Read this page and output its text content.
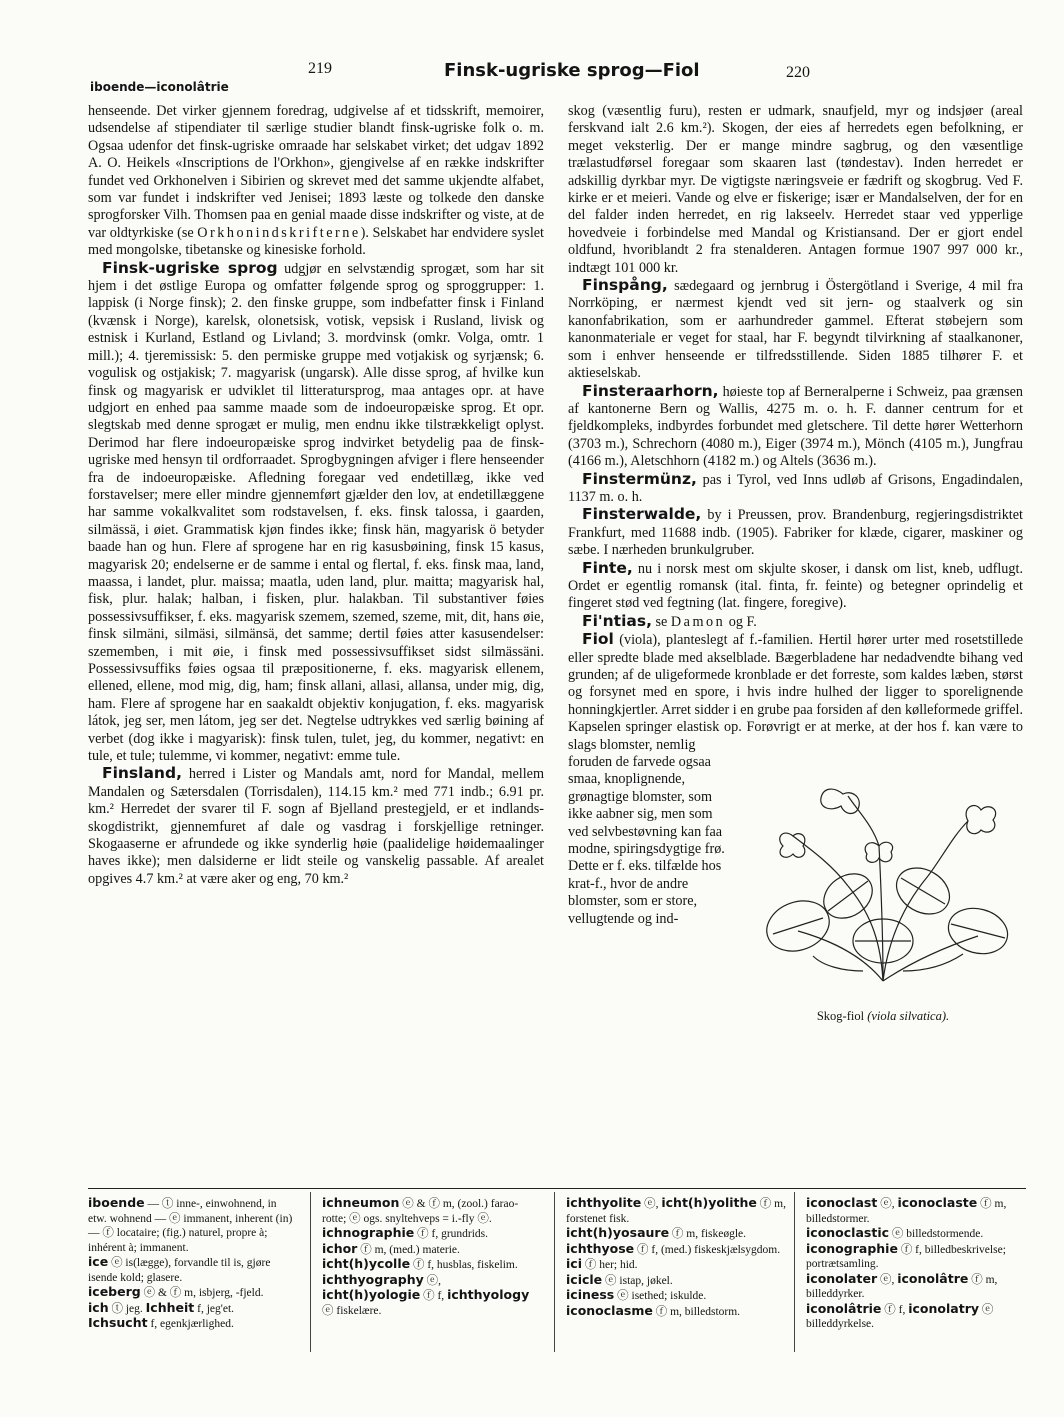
iboende—iconolâtrie
219	Finsk-ugriske sprog—Fiol	220

henseende. Det virker gjennem foredrag, udgivelse af et tidsskrift, memoirer, udsendelse af stipendiater til særlige studier blandt finsk-ugriske folk o. m. Ogsaa udenfor det finsk-ugriske omraade har selskabet virket; det udgav 1892 A. O. Heikels «Inscriptions de l'Orkhon», gjengivelse af en række indskrifter fundet ved Orkhonelven i Sibirien og skrevet med det samme ukjendte alfabet, som var fundet i indskrifter ved Jenisei; 1893 læste og tolkede den danske sprogforsker Vilh. Thomsen paa en genial maade disse indskrifter og viste, at de var oldtyrkiske (se Orkhonindskrifterne). Selskabet har endvidere syslet med mongolske, tibetanske og kinesiske forhold.

Finsk-ugriske sprog udgjør en selvstændig sprogæt, som har sit hjem i det østlige Europa og omfatter følgende sprog og sproggrupper: 1. lappisk (i Norge finsk); 2. den finske gruppe, som indbefatter finsk i Finland (kvænsk i Norge), karelsk, olonetsisk, votisk, vepsisk i Rusland, livisk og estnisk i Kurland, Estland og Livland; 3. mordvinsk (omkr. Volga, omtr. 1 mill.); 4. tjeremissisk: 5. den permiske gruppe med votjakisk og syrjænsk; 6. vogulisk og ostjakisk; 7. magyarisk (ungarsk). Alle disse sprog, af hvilke kun finsk og magyarisk er udviklet til litteratursprog, maa antages opr. at have udgjort en enhed paa samme maade som de indoeuropæiske sprog. Et opr. slegtskab med denne sprogæt er mulig, men endnu ikke tilstrækkeligt oplyst. Derimod har flere indoeuropæiske sprog indvirket betydelig paa de finsk-ugriske med hensyn til ordforraadet. Sprogbygningen afviger i flere henseender fra de indoeuropæiske. Afledning foregaar ved endetillæg, ikke ved forstavelser; mere eller mindre gjennemført gjælder den lov, at endetillæggene har samme vokalkvalitet som rodstavelsen, f. eks. finsk talossa, i gaarden, silmässä, i øiet. Grammatisk kjøn findes ikke; finsk hän, magyarisk ö betyder baade han og hun. Flere af sprogene har en rig kasusbøining, finsk 15 kasus, magyarisk 20; endelserne er de samme i ental og flertal, f. eks. finsk maa, land, maassa, i landet, plur. maissa; maatla, uden land, plur. maitta; magyarisk hal, fisk, plur. halak; halban, i fisken, plur. halakban. Til substantiver føies possessivsuffikser, f. eks. magyarisk szemem, szemed, szeme, mit, dit, hans øie, finsk silmäni, silmäsi, silmänsä, det samme; dertil føies atter kasusendelser: szememben, i mit øie, i finsk med possessivsuffikset sidst silmässäni. Possessivsuffiks føies ogsaa til præpositionerne, f. eks. magyarisk ellenem, ellened, ellene, mod mig, dig, ham; finsk allani, allasi, allansa, under mig, dig, ham. Flere af sprogene har en saakaldt objektiv konjugation, f. eks. magyarisk látok, jeg ser, men látom, jeg ser det. Negtelse udtrykkes ved særlig bøining af verbet (dog ikke i magyarisk): finsk tulen, tulet, jeg, du kommer, negativt: en tule, et tule; tulemme, vi kommer, negativt: emme tule.

Finsland, herred i Lister og Mandals amt, nord for Mandal, mellem Mandalen og Sætersdalen (Torrisdalen), 114.15 km.² med 771 indb.; 6.91 pr. km.² Herredet der svarer til F. sogn af Bjelland prestegjeld, er et indlands-skogdistrikt, gjennemfuret af dale og vasdrag i forskjellige retninger. Skogaaserne er afrundede og ikke synderlig høie (paalidelige høidemaalinger haves ikke); men dalsiderne er lidt steile og vanskelig passable. Af arealet opgives 4.7 km.² at være aker og eng, 70 km.²

skog (væsentlig furu), resten er udmark, snaufjeld, myr og indsjøer (areal ferskvand ialt 2.6 km.²). Skogen, der eies af herredets egen befolkning, er meget veksterlig. Der er mange mindre sagbrug, og den væsentlige trælastudførsel foregaar som skaaren last (tøndestav). Inden herredet er adskillig dyrkbar myr. De vigtigste næringsveie er fædrift og skogbrug. Ved F. kirke er et meieri. Vande og elve er fiskerige; især er Mandalselven, der for en del falder inden herredet, en rig lakseelv. Herredet staar ved ypperlige hovedveie i forbindelse med Mandal og Kristiansand. Der er gjort endel oldfund, hvoriblandt 2 fra stenalderen. Antagen formue 1907 997 000 kr., indtægt 101 000 kr.

Finspång, sædegaard og jernbrug i Östergötland i Sverige, 4 mil fra Norrköping, er nærmest kjendt ved sit jern- og staalverk og sin kanonfabrikation, som er aarhundreder gammel. Efterat støbejern som kanonmateriale er veget for staal, har F. begyndt tilvirkning af staalkanoner, som i enhver henseende er tilfredsstillende. Siden 1885 tilhører F. et aktieselskab.

Finsteraarhorn, høieste top af Berneralperne i Schweiz, paa grænsen af kantonerne Bern og Wallis, 4275 m. o. h. F. danner centrum for et fjeldkompleks, indbyrdes forbundet med gletschere. Til dette hører Wetterhorn (3703 m.), Schrechorn (4080 m.), Eiger (3974 m.), Mönch (4105 m.), Jungfrau (4166 m.), Aletschhorn (4182 m.) og Altels (3636 m.).

Finstermünz, pas i Tyrol, ved Inns udløb af Grisons, Engadindalen, 1137 m. o. h.

Finsterwalde, by i Preussen, prov. Brandenburg, regjeringsdistriktet Frankfurt, med 11688 indb. (1905). Fabriker for klæde, cigarer, maskiner og sæbe. I nærheden brunkulgruber.

Finte, nu i norsk mest om skjulte skoser, i dansk om list, kneb, udflugt. Ordet er egentlig romansk (ital. finta, fr. feinte) og betegner oprindelig et fingeret stød ved fegtning (lat. fingere, foregive).

Fi'ntias, se Damon og F.

Fiol (viola), planteslegt af f.-familien. Hertil hører urter med rosetstillede eller spredte blade med akselblade. Bægerbladene har nedadvendte bihang ved grunden; af de uligeformede kronblade er det forreste, som kaldes læben, størst og forsynet med en spore, i hvis indre hulhed der ligger to sporelignende honningkjertler. Arret sidder i en grube paa forsiden af den kølleformede griffel. Kapselen springer elastisk op. Forøvrigt er at merke, at der hos f. kan være to slags blomster, nemlig

foruden de farvede ogsaa smaa, knoplignende, grønagtige blomster, som ikke aabner sig, men som ved selvbestøvning kan faa modne, spiringsdygtige frø. Dette er f. eks. tilfælde hos krat-f., hvor de andre blomster, som er store, vellugtende og ind-

Skog-fiol (viola silvatica).

iboende — ⓣ inne-, einwohnend, in etw. wohnend — ⓔ immanent, inherent (in) — ⓕ locataire; (fig.) naturel, propre à; inhérent à; immanent.

ice ⓔ is(lægge), forvandle til is, gjøre isende kold; glasere.

iceberg ⓔ & ⓕ m, isbjerg, -fjeld.

ich ⓣ jeg. Ichheit f, jeg'et.

Ichsucht f, egenkjærlighed.

ichneumon ⓔ & ⓕ m, (zool.) farao-rotte; ⓔ ogs. snyltehveps = i.-fly ⓔ.

ichnographie ⓕ f, grundrids.

ichor ⓕ m, (med.) materie.

icht(h)ycolle ⓕ f, husblas, fiskelim.

ichthyography ⓔ, icht(h)yologie ⓕ f, ichthyology ⓔ fiskelære.

ichthyolite ⓔ, icht(h)yolithe ⓕ m, forstenet fisk.

icht(h)yosaure ⓕ m, fiskeøgle.

ichthyose ⓕ f, (med.) fiskeskjælsygdom.

ici ⓕ her; hid.

icicle ⓔ istap, jøkel.

iciness ⓔ isethed; iskulde.

iconoclasme ⓕ m, billedstorm.

iconoclast ⓔ, iconoclaste ⓕ m, billedstormer.

iconoclastic ⓔ billedstormende.

iconographie ⓕ f, billedbeskrivelse; portrætsamling.

iconolater ⓔ, iconolâtre ⓕ m, billeddyrker.

iconolâtrie ⓕ f, iconolatry ⓔ billeddyrkelse.
